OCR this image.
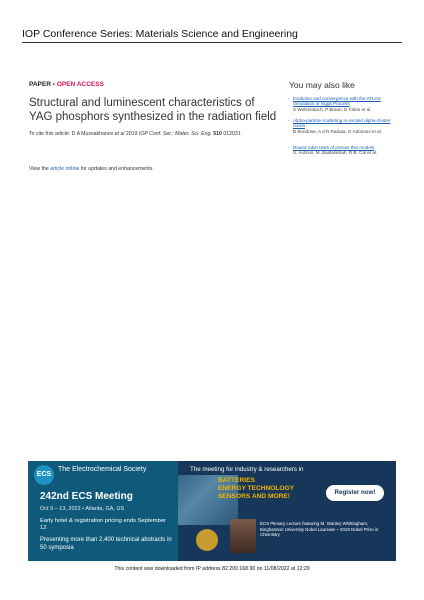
IOP Conference Series: Materials Science and Engineering
PAPER • OPEN ACCESS
Structural and luminescent characteristics of YAG phosphors synthesized in the radiation field
To cite this article: D A Mussakhanov et al 2019 IOP Conf. Ser.: Mater. Sci. Eng. 510 012031
View the article online for updates and enhancements.
You may also like
- Evolution and convergence with the ATLAS Simulation of higgs Process
S Welzenbach, P Braun, D Fabio et al.
- Alpha-particle scattering in excited alpha-cluster nuclei
B Bondone, A d R Raduta, G Adomani et al.
- Round robin tests of porous thin models
S. Aubrun, M. Bastankhah, R.B. Cal et al.
ECS
The Electrochemical Society
242nd ECS Meeting
Oct 9 – 13, 2022 • Atlanta, GA, US
Early hotel & registration pricing ends September 12
Presenting more than 2,400 technical abstracts in 50 symposia
The meeting for industry & researchers in
BATTERIES
ENERGY TECHNOLOGY
SENSORS AND MORE!
Register now!
ECS Plenary Lecture featuring M. Stanley Whittingham, Binghamton University Nobel Laureate – 2019 Nobel Prize in Chemistry
This content was downloaded from IP address 82.200.168.90 on 11/08/2022 at 12:29
